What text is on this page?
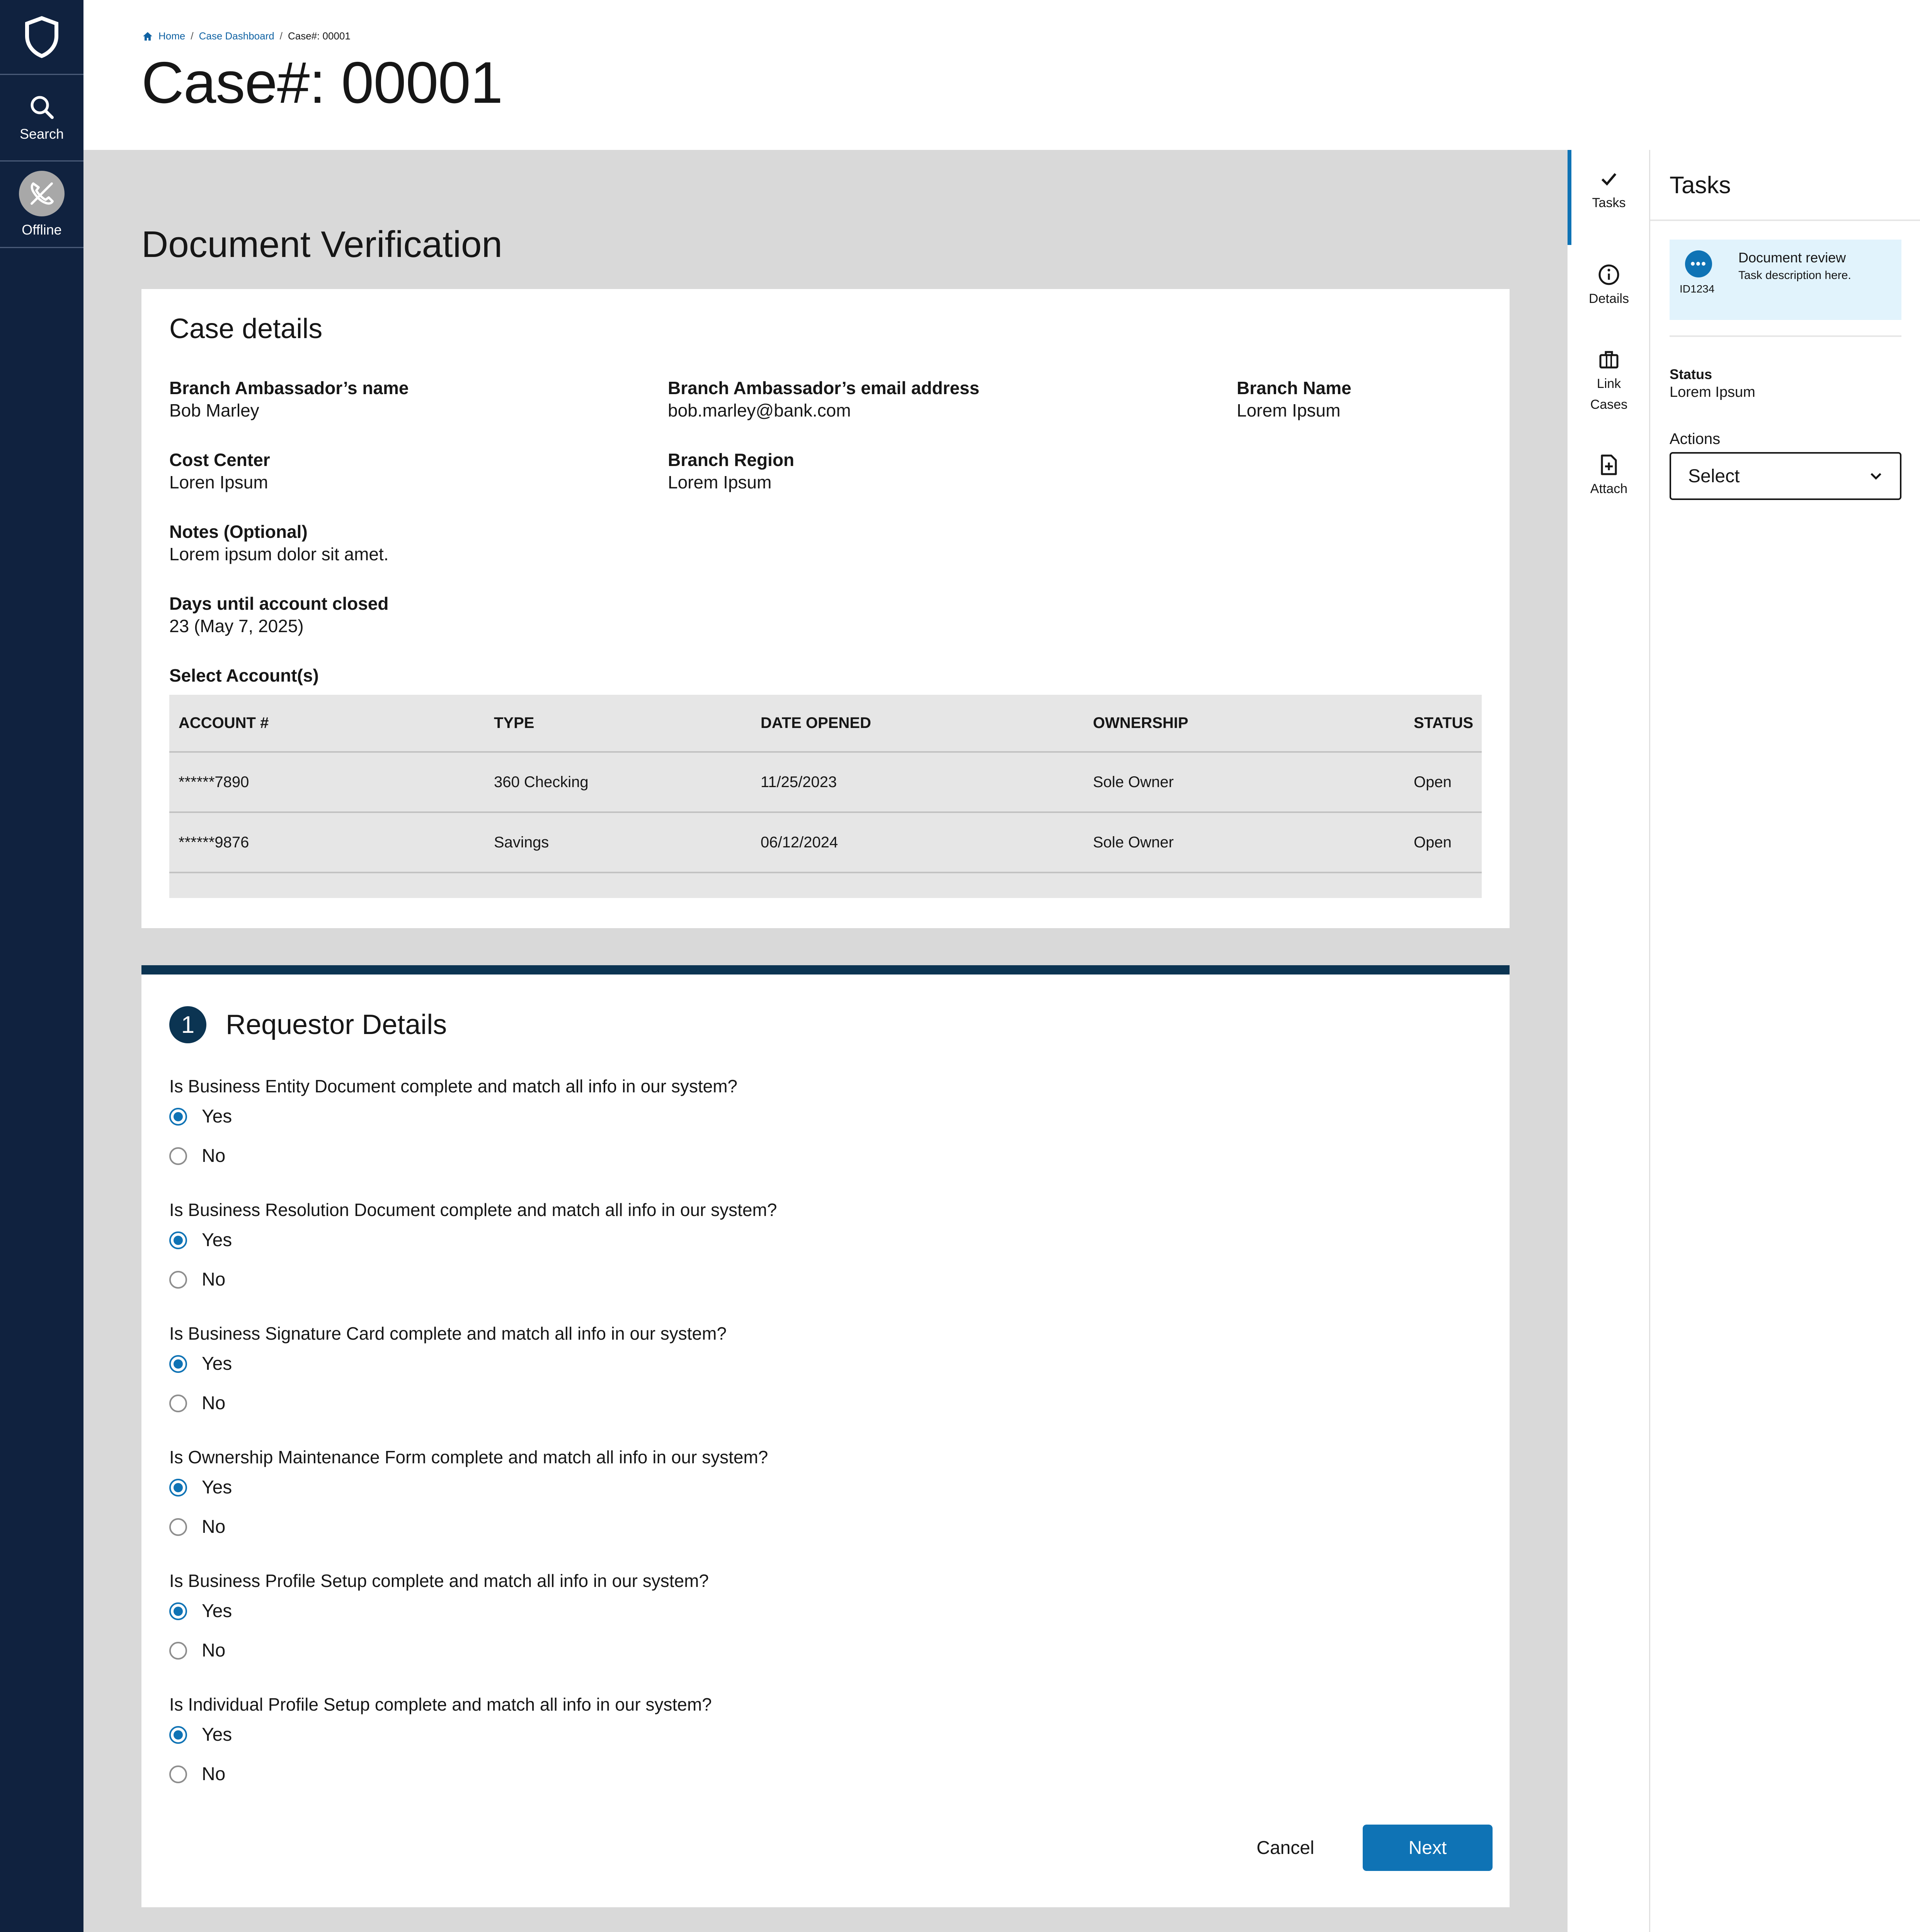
Search
Offline
Home / Case Dashboard / Case#: 00001
Case#: 00001
Document Verification
Case details
Branch Ambassador’s name
Bob Marley
Branch Ambassador’s email address
bob.marley@bank.com
Branch Name
Lorem Ipsum
Cost Center
Loren Ipsum
Branch Region
Lorem Ipsum
Notes (Optional)
Lorem ipsum dolor sit amet.
Days until account closed
23 (May 7, 2025)
Select Account(s)
ACCOUNT #	TYPE	DATE OPENED	OWNERSHIP	STATUS
******7890	360 Checking	11/25/2023	Sole Owner	Open
******9876	Savings	06/12/2024	Sole Owner	Open
1	Requestor Details
Is Business Entity Document complete and match all info in our system?
Yes
No
Is Business Resolution Document complete and match all info in our system?
Yes
No
Is Business Signature Card complete and match all info in our system?
Yes
No
Is Ownership Maintenance Form complete and match all info in our system?
Yes
No
Is Business Profile Setup complete and match all info in our system?
Yes
No
Is Individual Profile Setup complete and match all info in our system?
Yes
No
Cancel	Next
Tasks
Details
Link
Cases
Attach
Tasks
•••
ID1234
Document review
Task description here.
Status
Lorem Ipsum
Actions
Select
